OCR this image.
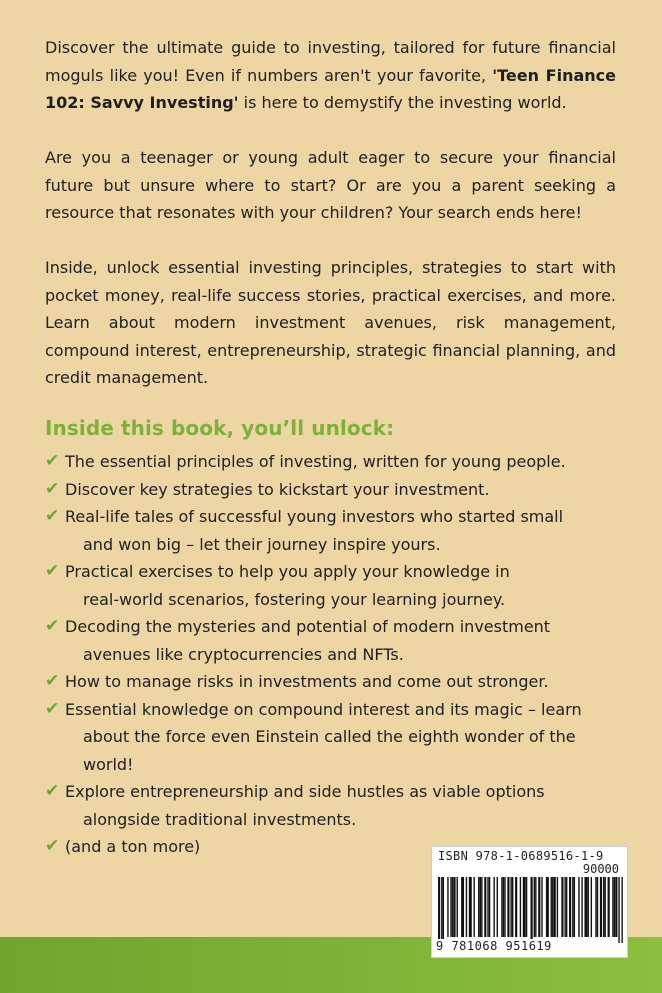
Discover the ultimate guide to investing, tailored for future financial moguls like you! Even if numbers aren't your favorite, 'Teen Finance 102: Savvy Investing' is here to demystify the investing world.

Are you a teenager or young adult eager to secure your financial future but unsure where to start? Or are you a parent seeking a resource that resonates with your children? Your search ends here!

Inside, unlock essential investing principles, strategies to start with pocket money, real-life success stories, practical exercises, and more. Learn about modern investment avenues, risk management, compound interest, entrepreneurship, strategic financial planning, and credit management.

Inside this book, you’ll unlock:
✔ The essential principles of investing, written for young people.
✔ Discover key strategies to kickstart your investment.
✔ Real-life tales of successful young investors who started small
and won big – let their journey inspire yours.
✔ Practical exercises to help you apply your knowledge in
real-world scenarios, fostering your learning journey.
✔ Decoding the mysteries and potential of modern investment
avenues like cryptocurrencies and NFTs.
✔ How to manage risks in investments and come out stronger.
✔ Essential knowledge on compound interest and its magic – learn
about the force even Einstein called the eighth wonder of the
world!
✔ Explore entrepreneurship and side hustles as viable options
alongside traditional investments.
✔ (and a ton more)	ISBN 978-1-0689516-1-9
90000
9 781068 951619
